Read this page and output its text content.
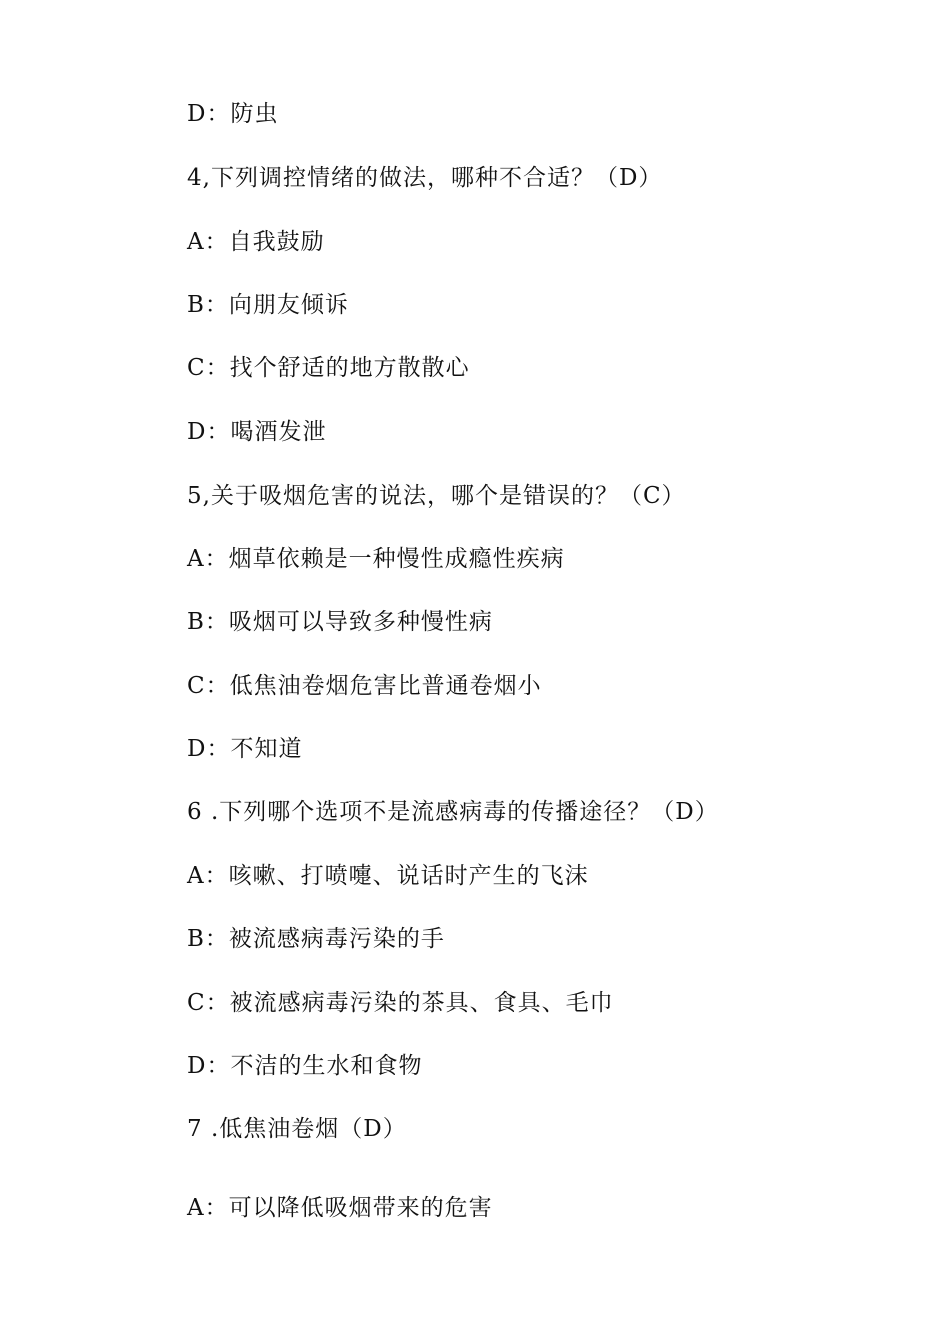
D：防虫
4,下列调控情绪的做法，哪种不合适？（D）
A：自我鼓励
B：向朋友倾诉
C：找个舒适的地方散散心
D：喝酒发泄
5,关于吸烟危害的说法，哪个是错误的？（C）
A：烟草依赖是一种慢性成瘾性疾病
B：吸烟可以导致多种慢性病
C：低焦油卷烟危害比普通卷烟小
D：不知道
6 .下列哪个选项不是流感病毒的传播途径？（D）
A：咳嗽、打喷嚏、说话时产生的飞沫
B：被流感病毒污染的手
C：被流感病毒污染的茶具、食具、毛巾
D：不洁的生水和食物
7 .低焦油卷烟（D）
A：可以降低吸烟带来的危害
